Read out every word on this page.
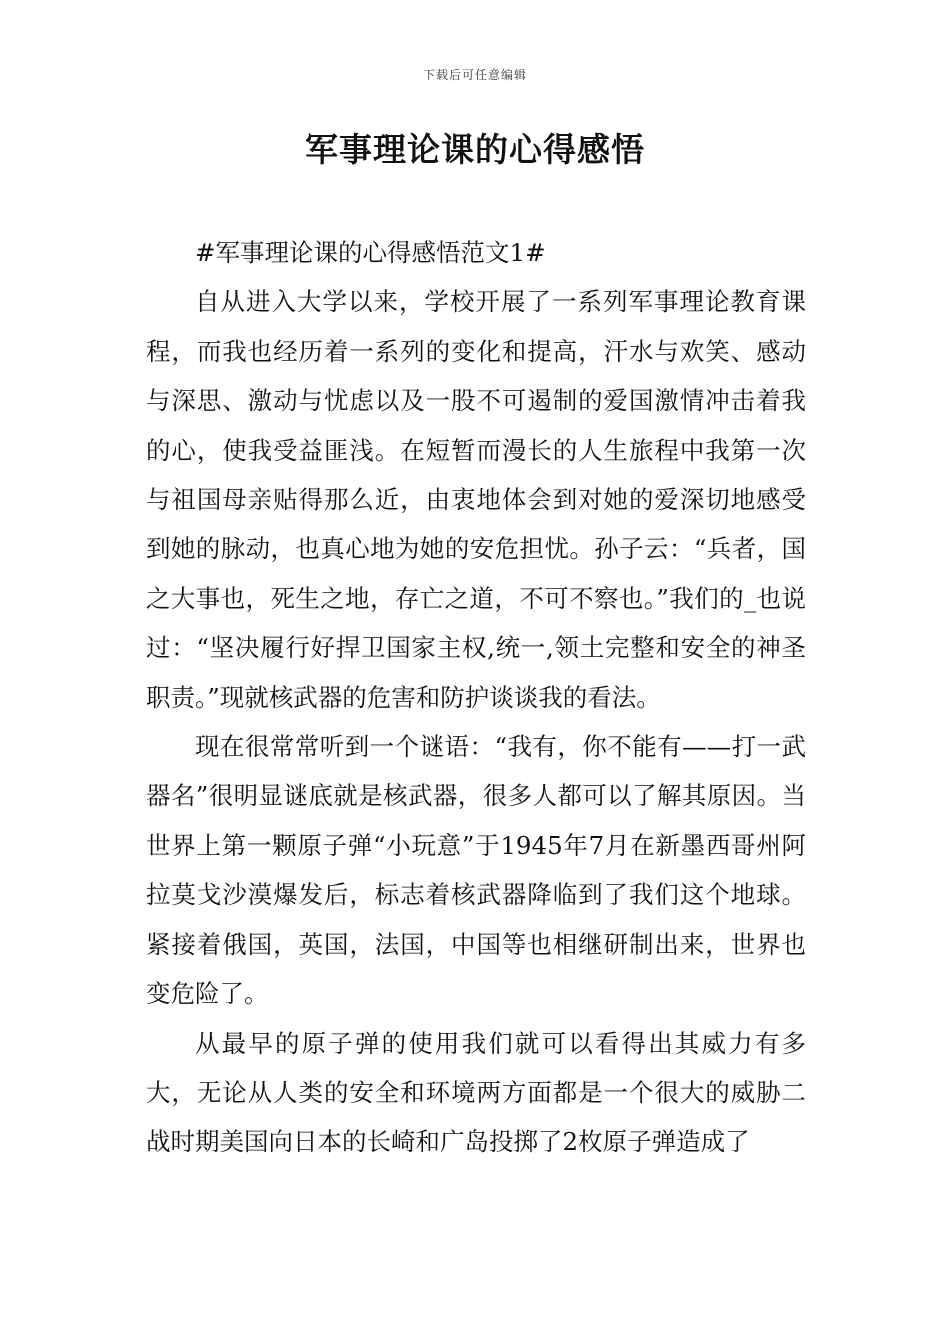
下载后可任意编辑
军事理论课的心得感悟

#军事理论课的心得感悟范文1#

自从进入大学以来，学校开展了一系列军事理论教育课程，而我也经历着一系列的变化和提高，汗水与欢笑、感动与深思、激动与忧虑以及一股不可遏制的爱国激情冲击着我的心，使我受益匪浅。在短暂而漫长的人生旅程中我第一次与祖国母亲贴得那么近，由衷地体会到对她的爱深切地感受到她的脉动，也真心地为她的安危担忧。孙子云：“兵者，国之大事也，死生之地，存亡之道，不可不察也。”我们的_也说过：“坚决履行好捍卫国家主权,统一,领土完整和安全的神圣职责。”现就核武器的危害和防护谈谈我的看法。

现在很常常听到一个谜语：“我有，你不能有——打一武器名”很明显谜底就是核武器，很多人都可以了解其原因。当世界上第一颗原子弹“小玩意”于1945年7月在新墨西哥州阿拉莫戈沙漠爆发后，标志着核武器降临到了我们这个地球。紧接着俄国，英国，法国，中国等也相继研制出来，世界也变危险了。

从最早的原子弹的使用我们就可以看得出其威力有多大，无论从人类的安全和环境两方面都是一个很大的威胁二战时期美国向日本的长崎和广岛投掷了2枚原子弹造成了
